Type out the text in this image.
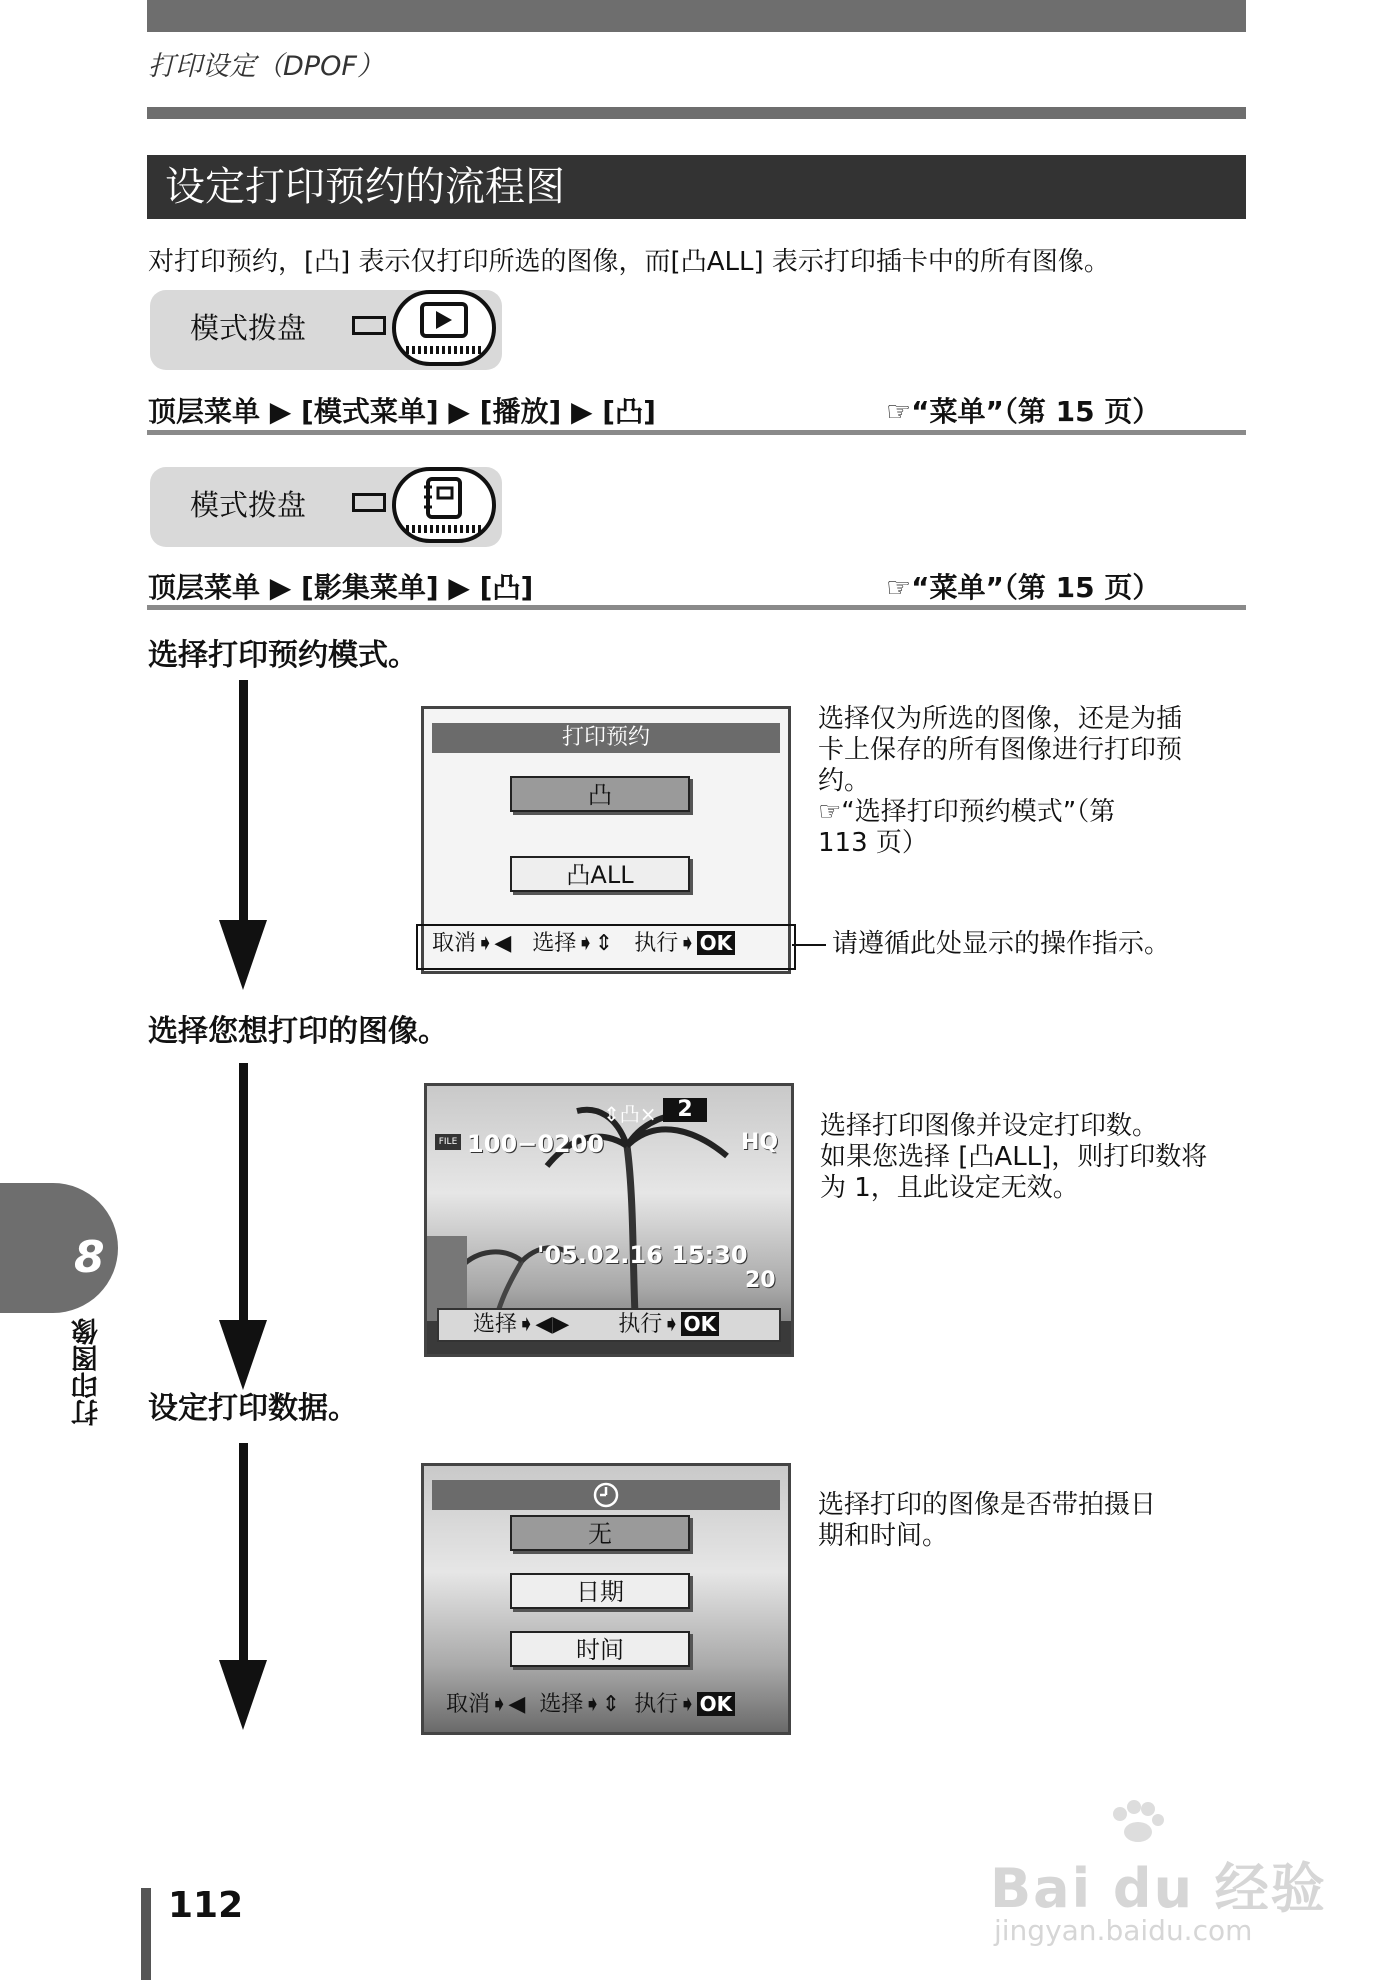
打印设定（DPOF）
设定打印预约的流程图
对打印预约，[凸] 表示仅打印所选的图像，而[凸ALL] 表示打印插卡中的所有图像。
模式拨盘
顶层菜单 ▶ [模式菜单] ▶ [播放] ▶ [凸]	☞“菜单”（第 15 页）
模式拨盘
顶层菜单 ▶ [影集菜单] ▶ [凸]	☞“菜单”（第 15 页）
选择打印预约模式。
打印预约
凸
凸ALL
取消➧◀ 选择➧⇕ 执行➧ OK	请遵循此处显示的操作指示。
选择仅为所选的图像，还是为插
卡上保存的所有图像进行打印预
约。
☞“选择打印预约模式”（第
113 页）
选择您想打印的图像。
⇕凸× 2
100−0200
FILE	HQ
'05.02.16 15:30
20
选择➧◀▶ 执行➧ OK
选择打印图像并设定打印数。
如果您选择 [凸ALL]，则打印数将
为 1，且此设定无效。
设定打印数据。
无
日期
时间
取消➧◀ 选择➧⇕ 执行➧ OK
选择打印的图像是否带拍摄日
期和时间。
8
打印图像
112	Bai du 经验
jingyan.baidu.com
